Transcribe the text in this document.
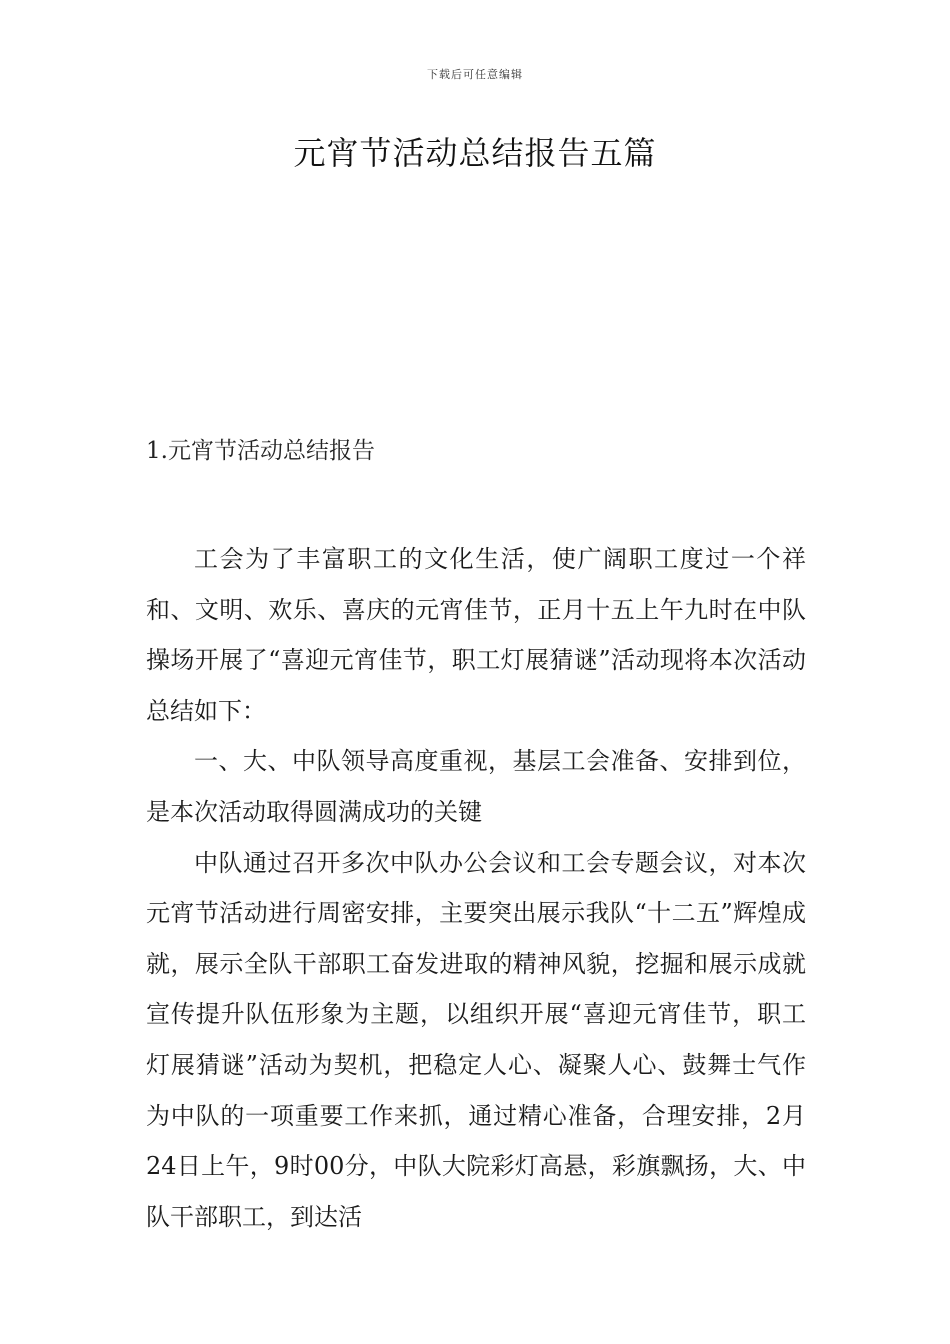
下载后可任意编辑
元宵节活动总结报告五篇
1.元宵节活动总结报告

工会为了丰富职工的文化生活，使广阔职工度过一个祥和、文明、欢乐、喜庆的元宵佳节，正月十五上午九时在中队操场开展了“喜迎元宵佳节，职工灯展猜谜”活动现将本次活动总结如下：

一、大、中队领导高度重视，基层工会准备、安排到位，是本次活动取得圆满成功的关键

中队通过召开多次中队办公会议和工会专题会议，对本次元宵节活动进行周密安排，主要突出展示我队“十二五”辉煌成就，展示全队干部职工奋发进取的精神风貌，挖掘和展示成就宣传提升队伍形象为主题，以组织开展“喜迎元宵佳节，职工灯展猜谜”活动为契机，把稳定人心、凝聚人心、鼓舞士气作为中队的一项重要工作来抓，通过精心准备，合理安排，2月24日上午，9时00分，中队大院彩灯高悬，彩旗飘扬，大、中队干部职工，到达活
